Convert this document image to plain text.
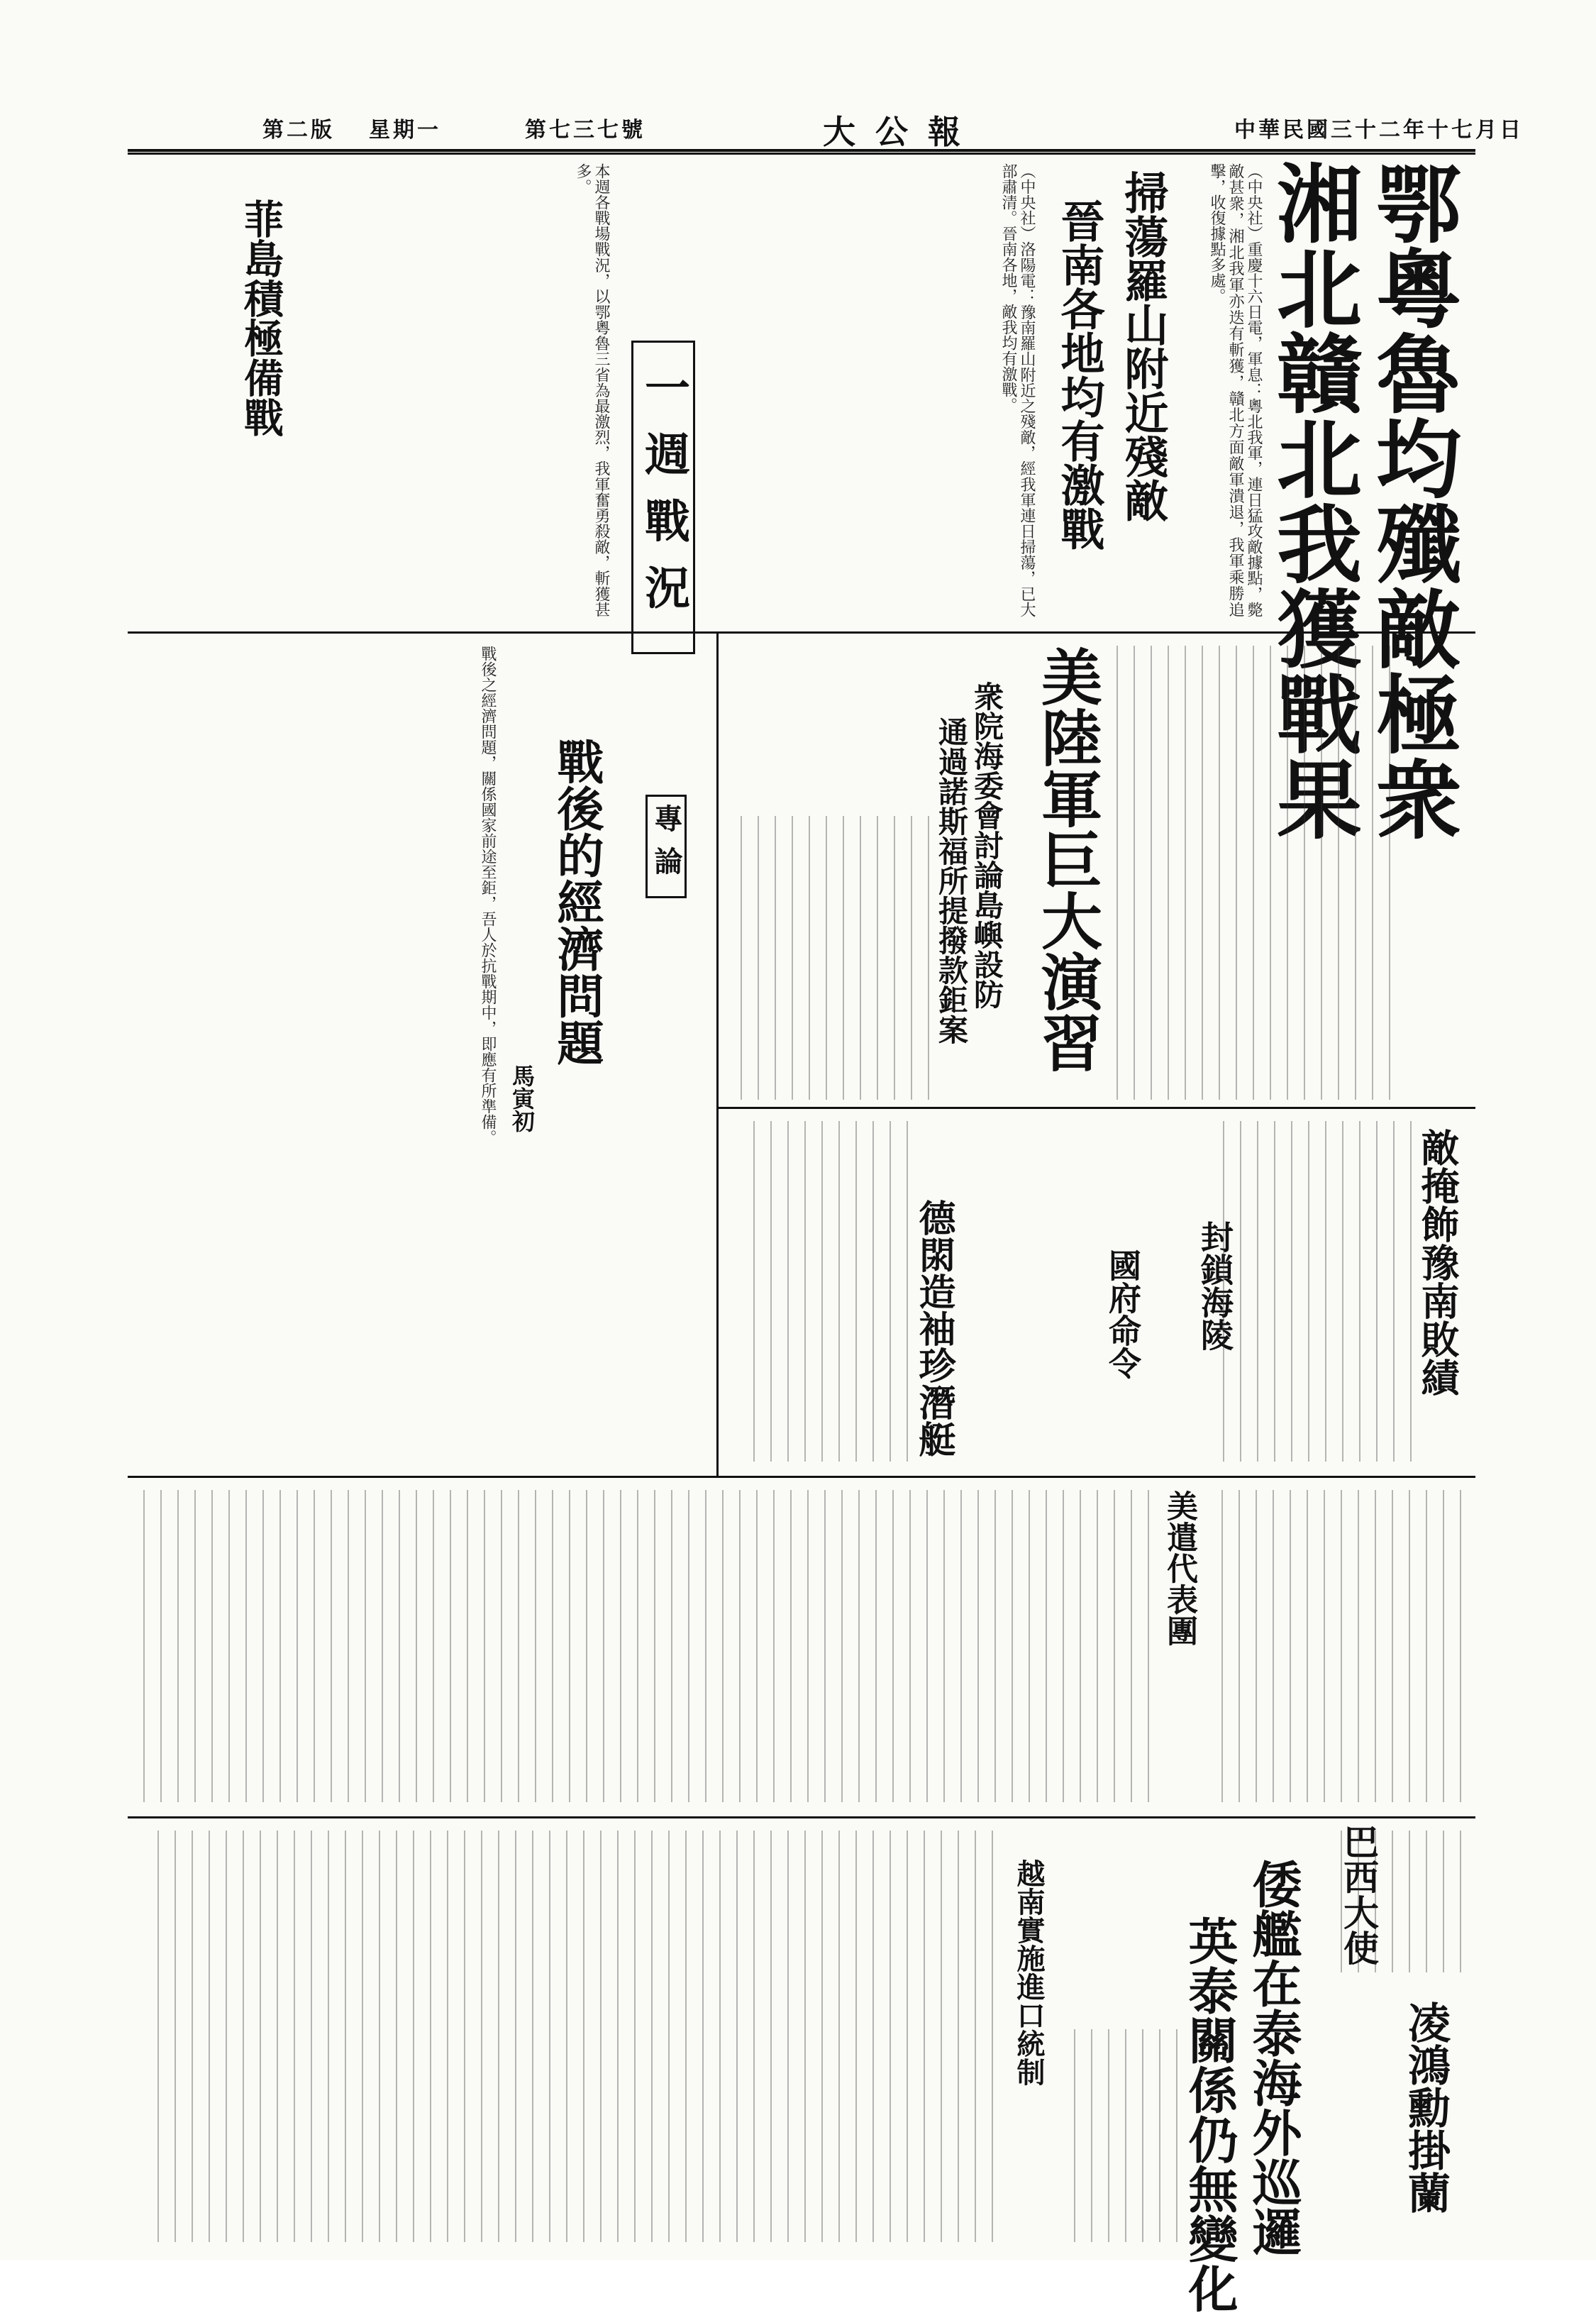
中華民國三十二年十七月日
大公報
第七三七號
星期一
第二版
鄂粵魯均殲敵極衆
湘北贛北我獲戰果
掃蕩羅山附近殘敵
晉南各地均有激戰
一週戰況
菲島積極備戰
美陸軍巨大演習
衆院海委會討論島嶼設防
通過諾斯福所提撥款鉅案
敵掩飾豫南敗績
專論
戰後的經濟問題
馬寅初
國府命令 封鎖海陵
德閖造袖珍潛艇
美遣代表團
巴西大使
倭艦在泰海外巡邏
英泰關係仍無變化	凌鴻勳掛蘭
越南實施進口統制
（中央社）重慶十六日電，軍息：粵北我軍，連日猛攻敵據點，斃敵甚衆，湘北我軍亦迭有斬獲，贛北方面敵軍潰退，我軍乘勝追擊，收復據點多處。
（中央社）洛陽電：豫南羅山附近之殘敵，經我軍連日掃蕩，已大部肅清。晉南各地，敵我均有激戰。
本週各戰場戰況，以鄂粵魯三省為最激烈，我軍奮勇殺敵，斬獲甚多。
戰後之經濟問題，關係國家前途至鉅，吾人於抗戰期中，即應有所準備。
